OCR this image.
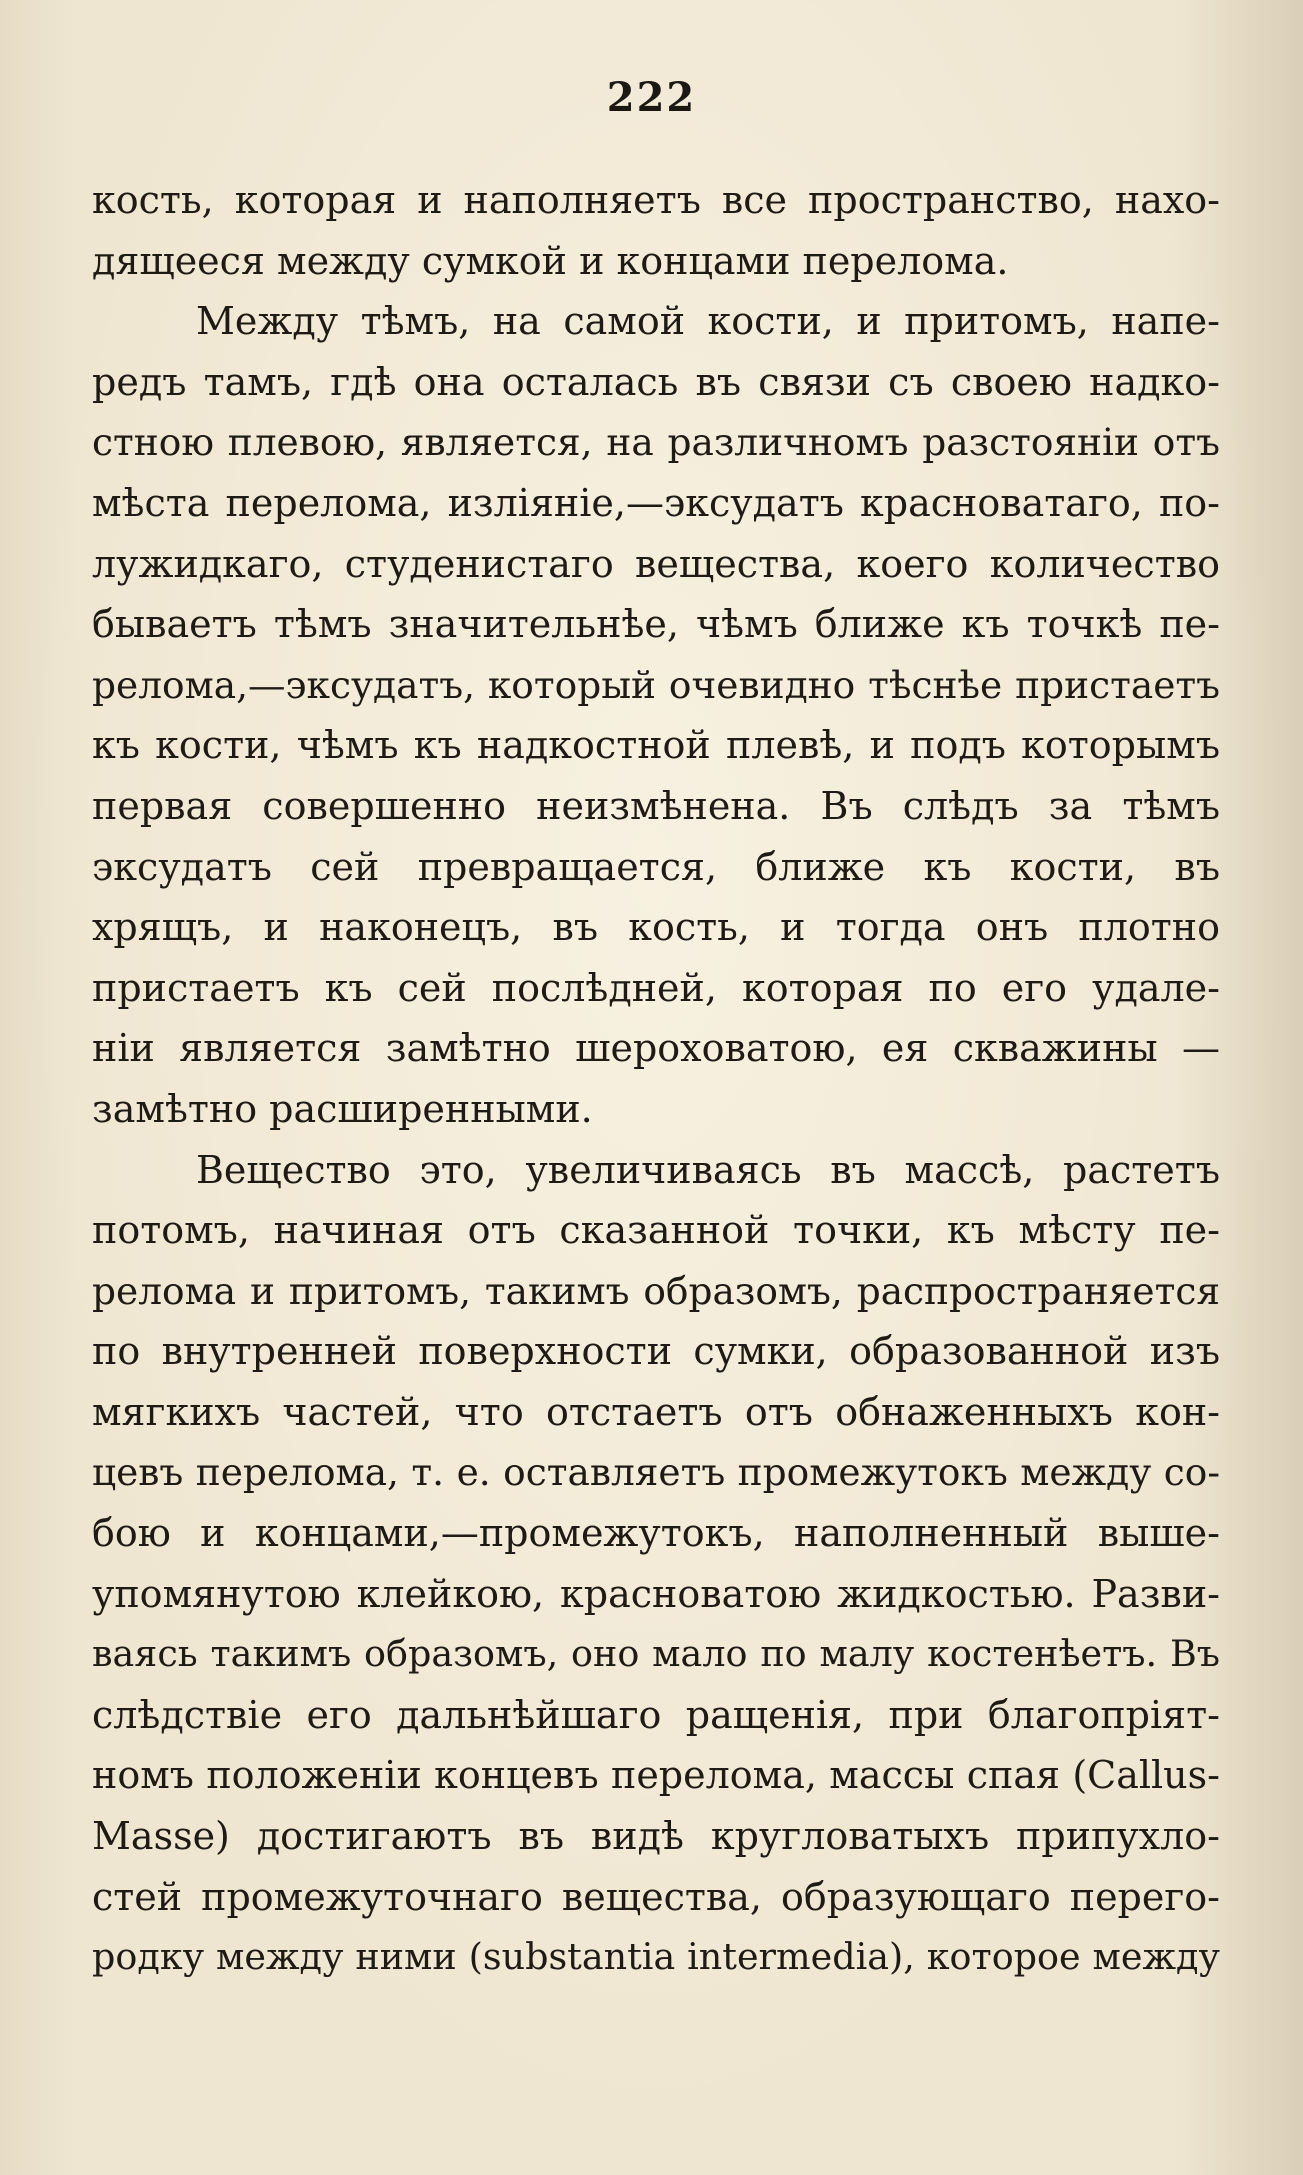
222
кость, которая и наполняетъ все пространство, нахо-
дящееся между сумкой и концами перелома.
Между тѣмъ, на самой кости, и притомъ, напе-
редъ тамъ, гдѣ она осталась въ связи съ своею надко-
стною плевою, является, на различномъ разстоянiи отъ
мѣста перелома, изліяніе,—эксудатъ красноватаго, по-
лужидкаго, студенистаго вещества, коего количество
бываетъ тѣмъ значительнѣе, чѣмъ ближе къ точкѣ пе-
релома,—эксудатъ, который очевидно тѣснѣе пристаетъ
къ кости, чѣмъ къ надкостной плевѣ, и подъ которымъ
первая совершенно неизмѣнена. Въ слѣдъ за тѣмъ
эксудатъ сей превращается, ближе къ кости, въ
хрящъ, и наконецъ, въ кость, и тогда онъ плотно
пристаетъ къ сей послѣдней, которая по его удале-
нiи является замѣтно шероховатою, ея скважины —
замѣтно расширенными.
Вещество это, увеличиваясь въ массѣ, растетъ
потомъ, начиная отъ сказанной точки, къ мѣсту пе-
релома и притомъ, такимъ образомъ, распространяется
по внутренней поверхности сумки, образованной изъ
мягкихъ частей, что отстаетъ отъ обнаженныхъ кон-
цевъ перелома, т. е. оставляетъ промежутокъ между со-
бою и концами,—промежутокъ, наполненный выше-
упомянутою клейкою, красноватою жидкостью. Разви-
ваясь такимъ образомъ, оно мало по малу костенѣетъ. Въ
слѣдствiе его дальнѣйшаго ращенiя, при благопрiят-
номъ положенiи концевъ перелома, массы спая (Callus-
Masse) достигаютъ въ видѣ кругловатыхъ припухло-
стей промежуточнаго вещества, образующаго перего-
родку между ними (substantia intermedia), которое между
